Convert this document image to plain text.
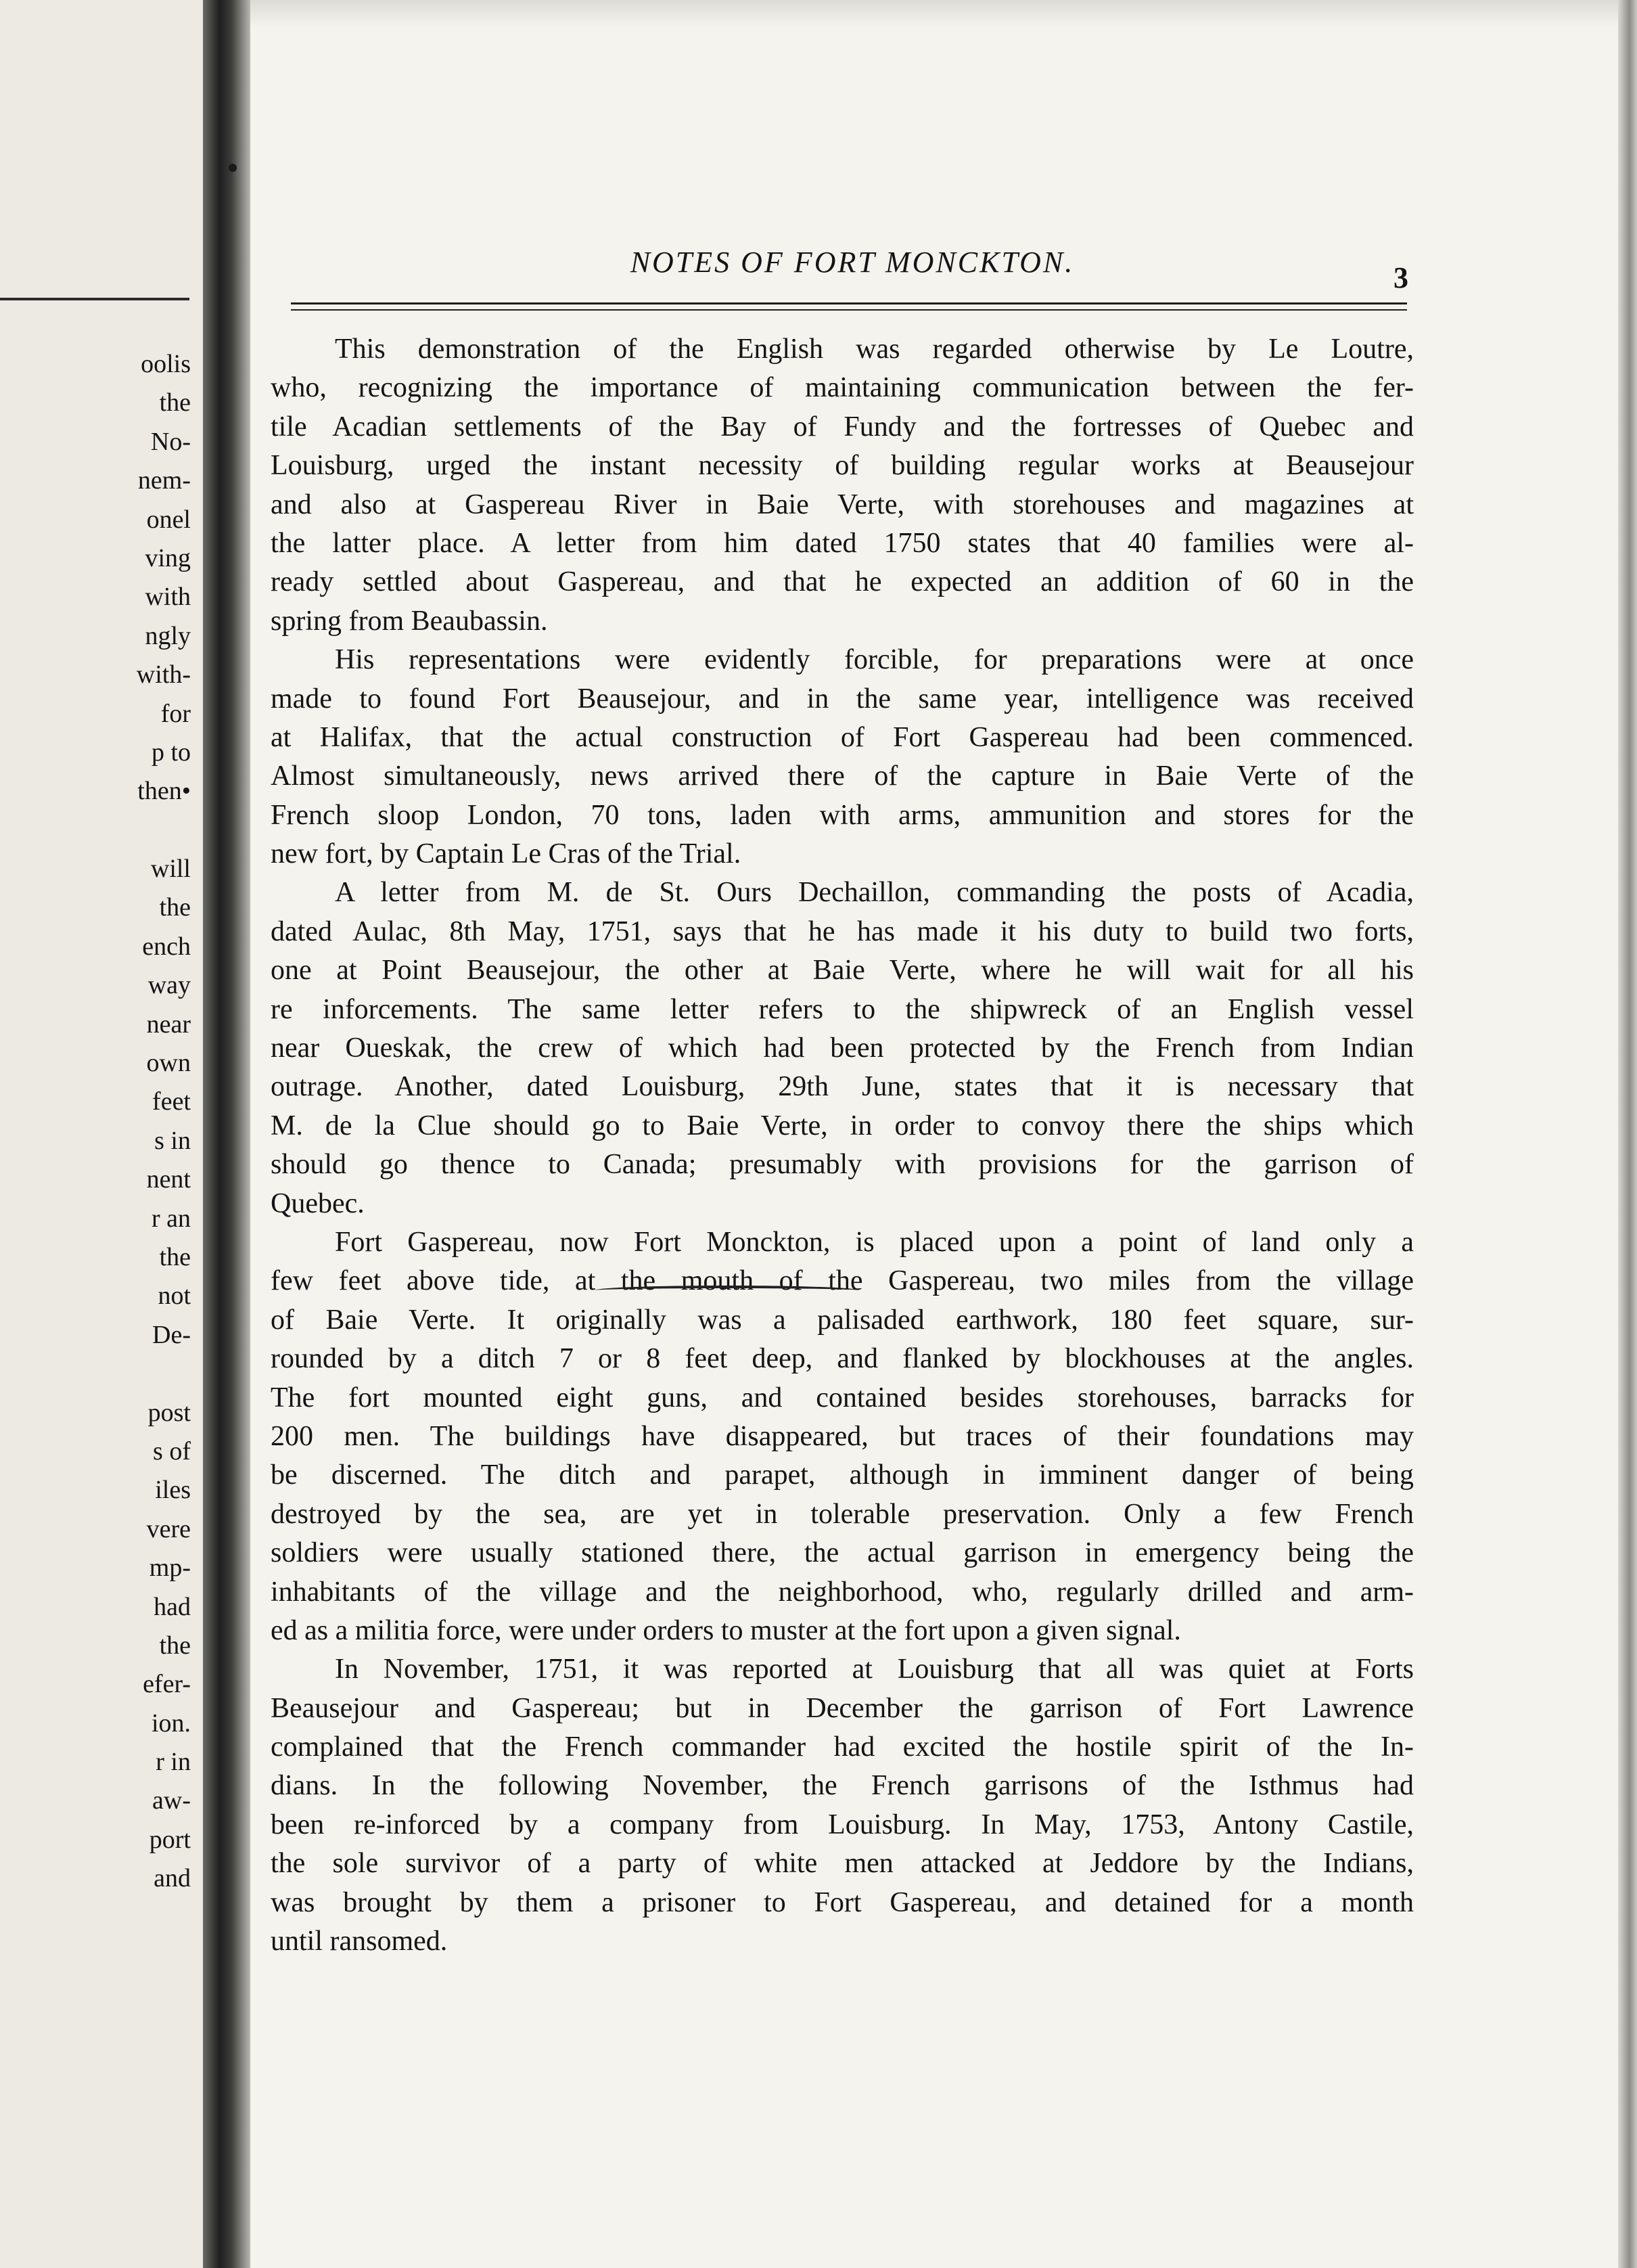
oolis
the
No-
nem-
onel
ving
with
ngly
with-
for
p to
then•
will
the
ench
way
near
own
feet
s in
nent
r an
the
not
De-
post
s of
iles
vere
mp-
had
the
efer-
ion.
r in
aw-
port
and
NOTES OF FORT MONCKTON.	3
This demonstration of the English was regarded otherwise by Le Loutre,
who, recognizing the importance of maintaining communication between the fer-
tile Acadian settlements of the Bay of Fundy and the fortresses of Quebec and
Louisburg, urged the instant necessity of building regular works at Beausejour
and also at Gaspereau River in Baie Verte, with storehouses and magazines at
the latter place. A letter from him dated 1750 states that 40 families were al-
ready settled about Gaspereau, and that he expected an addition of 60 in the
spring from Beaubassin.
His representations were evidently forcible, for preparations were at once
made to found Fort Beausejour, and in the same year, intelligence was received
at Halifax, that the actual construction of Fort Gaspereau had been commenced.
Almost simultaneously, news arrived there of the capture in Baie Verte of the
French sloop London, 70 tons, laden with arms, ammunition and stores for the
new fort, by Captain Le Cras of the Trial.
A letter from M. de St. Ours Dechaillon, commanding the posts of Acadia,
dated Aulac, 8th May, 1751, says that he has made it his duty to build two forts,
one at Point Beausejour, the other at Baie Verte, where he will wait for all his
re inforcements. The same letter refers to the shipwreck of an English vessel
near Oueskak, the crew of which had been protected by the French from Indian
outrage. Another, dated Louisburg, 29th June, states that it is necessary that
M. de la Clue should go to Baie Verte, in order to convoy there the ships which
should go thence to Canada; presumably with provisions for the garrison of
Quebec.
Fort Gaspereau, now Fort Monckton, is placed upon a point of land only a
few feet above tide, at the mouth of the Gaspereau, two miles from the village
of Baie Verte. It originally was a palisaded earthwork, 180 feet square, sur-
rounded by a ditch 7 or 8 feet deep, and flanked by blockhouses at the angles.
The fort mounted eight guns, and contained besides storehouses, barracks for
200 men. The buildings have disappeared, but traces of their foundations may
be discerned. The ditch and parapet, although in imminent danger of being
destroyed by the sea, are yet in tolerable preservation. Only a few French
soldiers were usually stationed there, the actual garrison in emergency being the
inhabitants of the village and the neighborhood, who, regularly drilled and arm-
ed as a militia force, were under orders to muster at the fort upon a given signal.
In November, 1751, it was reported at Louisburg that all was quiet at Forts
Beausejour and Gaspereau; but in December the garrison of Fort Lawrence
complained that the French commander had excited the hostile spirit of the In-
dians. In the following November, the French garrisons of the Isthmus had
been re-inforced by a company from Louisburg. In May, 1753, Antony Castile,
the sole survivor of a party of white men attacked at Jeddore by the Indians,
was brought by them a prisoner to Fort Gaspereau, and detained for a month
until ransomed.
